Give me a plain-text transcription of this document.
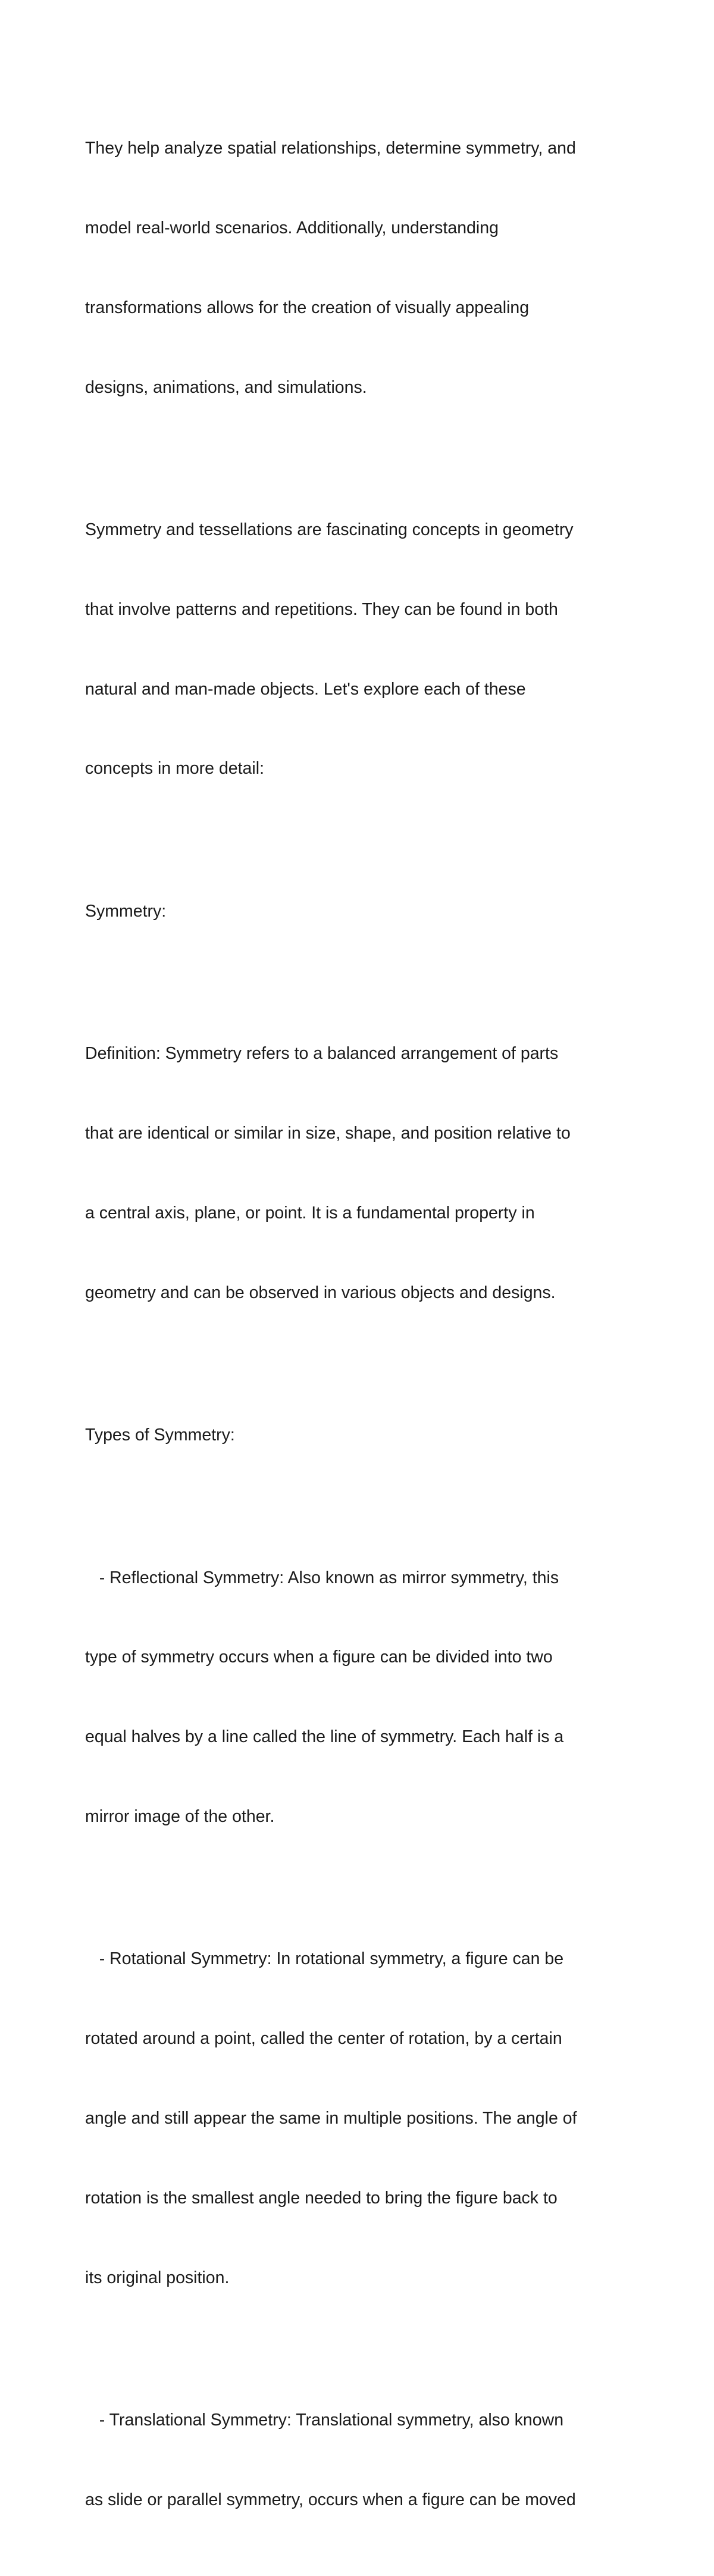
They help analyze spatial relationships, determine symmetry, and

model real-world scenarios. Additionally, understanding

transformations allows for the creation of visually appealing

designs, animations, and simulations.

Symmetry and tessellations are fascinating concepts in geometry

that involve patterns and repetitions. They can be found in both

natural and man-made objects. Let's explore each of these

concepts in more detail:

Symmetry:

Definition: Symmetry refers to a balanced arrangement of parts

that are identical or similar in size, shape, and position relative to

a central axis, plane, or point. It is a fundamental property in

geometry and can be observed in various objects and designs.

Types of Symmetry:

- Reflectional Symmetry: Also known as mirror symmetry, this

type of symmetry occurs when a figure can be divided into two

equal halves by a line called the line of symmetry. Each half is a

mirror image of the other.

- Rotational Symmetry: In rotational symmetry, a figure can be

rotated around a point, called the center of rotation, by a certain

angle and still appear the same in multiple positions. The angle of

rotation is the smallest angle needed to bring the figure back to

its original position.

- Translational Symmetry: Translational symmetry, also known

as slide or parallel symmetry, occurs when a figure can be moved
